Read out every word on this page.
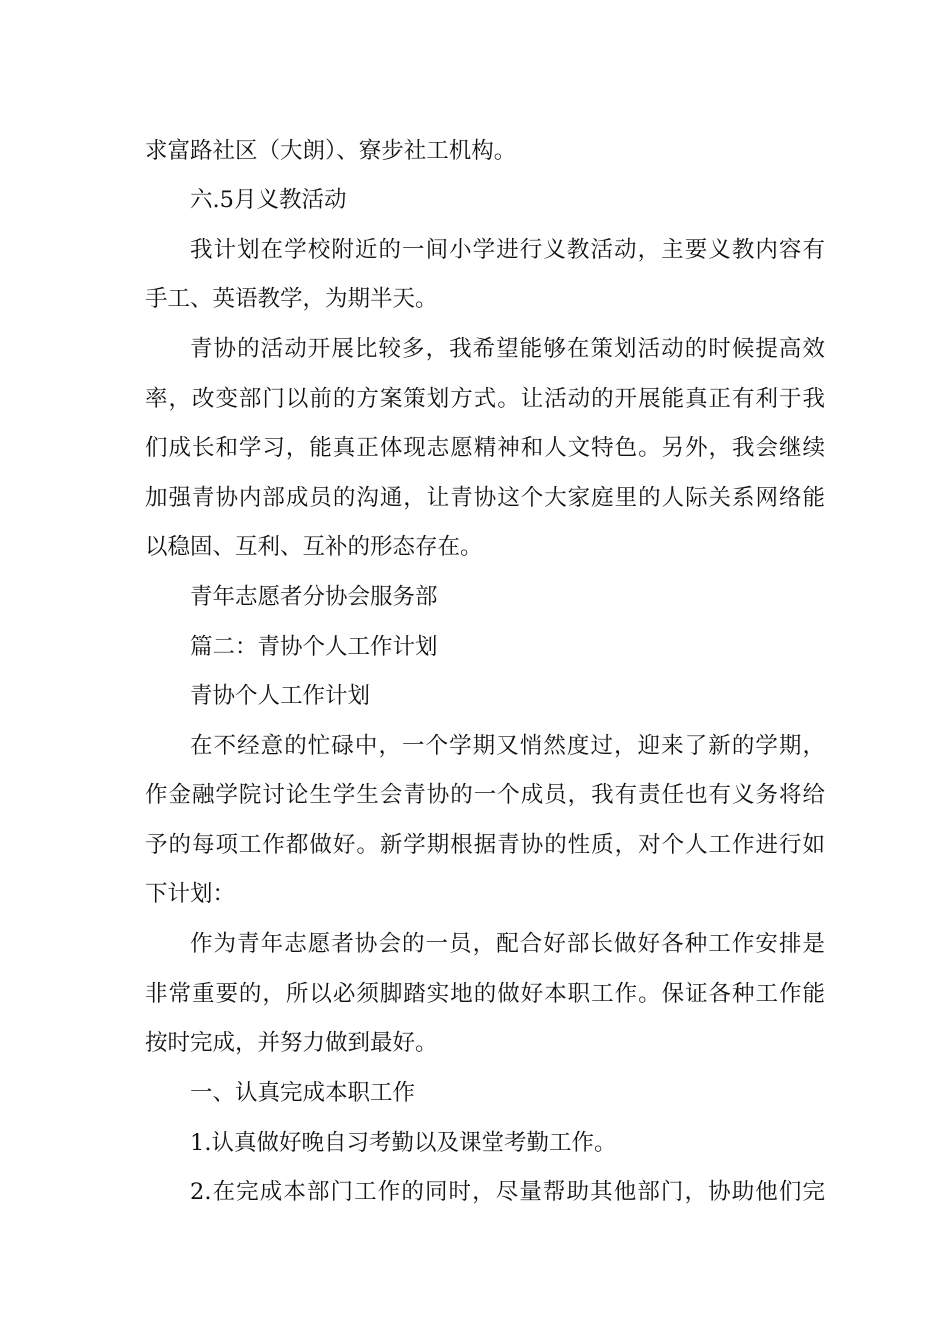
求富路社区（大朗）、寮步社工机构。
六.5月义教活动
我计划在学校附近的一间小学进行义教活动，主要义教内容有
手工、英语教学，为期半天。
青协的活动开展比较多，我希望能够在策划活动的时候提高效
率，改变部门以前的方案策划方式。让活动的开展能真正有利于我
们成长和学习，能真正体现志愿精神和人文特色。另外，我会继续
加强青协内部成员的沟通，让青协这个大家庭里的人际关系网络能
以稳固、互利、互补的形态存在。
青年志愿者分协会服务部
篇二：青协个人工作计划
青协个人工作计划
在不经意的忙碌中，一个学期又悄然度过，迎来了新的学期，
作金融学院讨论生学生会青协的一个成员，我有责任也有义务将给
予的每项工作都做好。新学期根据青协的性质，对个人工作进行如
下计划：
作为青年志愿者协会的一员，配合好部长做好各种工作安排是
非常重要的，所以必须脚踏实地的做好本职工作。保证各种工作能
按时完成，并努力做到最好。
一、认真完成本职工作
1.认真做好晚自习考勤以及课堂考勤工作。
2.在完成本部门工作的同时，尽量帮助其他部门，协助他们完
